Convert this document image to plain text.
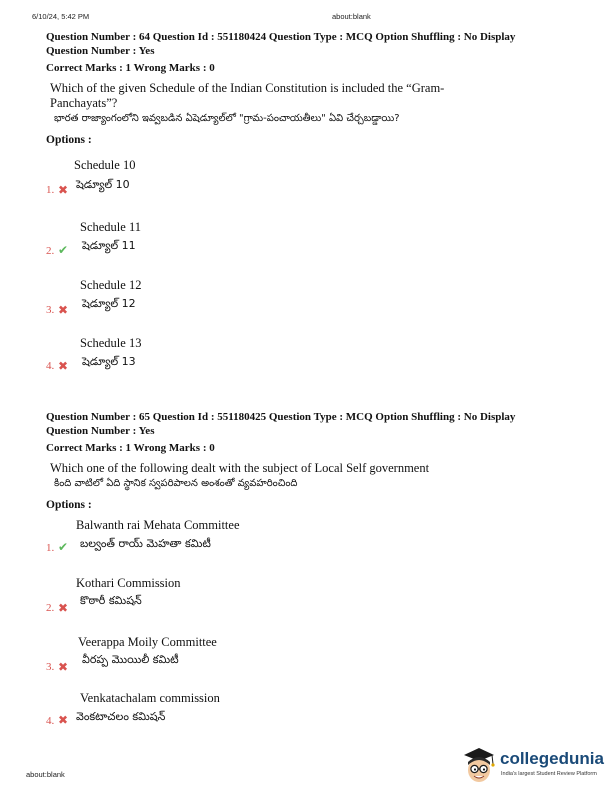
6/10/24, 5:42 PM	about:blank
Question Number : 64 Question Id : 551180424 Question Type : MCQ Option Shuffling : No Display
Question Number : Yes
Correct Marks : 1 Wrong Marks : 0
Which of the given Schedule of the Indian Constitution is included the “Gram-Panchayats”?
భారత రాజ్యాంగంలోని ఇవ్వబడిన ఏషెడ్యూల్‌లో "గ్రామ-పంచాయతీలు" ఏవి చేర్చబడ్డాయి?
Options :
Schedule 10
1. ✖ షెడ్యూల్ 10
Schedule 11
2. ✔ షెడ్యూల్ 11
Schedule 12
3. ✖ షెడ్యూల్ 12
Schedule 13
4. ✖ షెడ్యూల్ 13
Question Number : 65 Question Id : 551180425 Question Type : MCQ Option Shuffling : No Display
Question Number : Yes
Correct Marks : 1 Wrong Marks : 0
Which one of the following dealt with the subject of Local Self government
కింది వాటిలో ఏది స్థానిక స్వపరిపాలన అంశంతో వ్యవహరించింది
Options :
Balwanth rai Mehata Committee
1. ✔ బల్వంత్ రాయ్ మెహతా కమిటీ
Kothari Commission
2. ✖
కొఠారీ కమిషన్
Veerappa Moily Committee
3. ✖
వీరప్ప మొయిలీ కమిటీ
Venkatachalam commission
4. ✖ వెంకటాచలం కమిషన్
about:blank
collegedunia
India's largest Student Review Platform
